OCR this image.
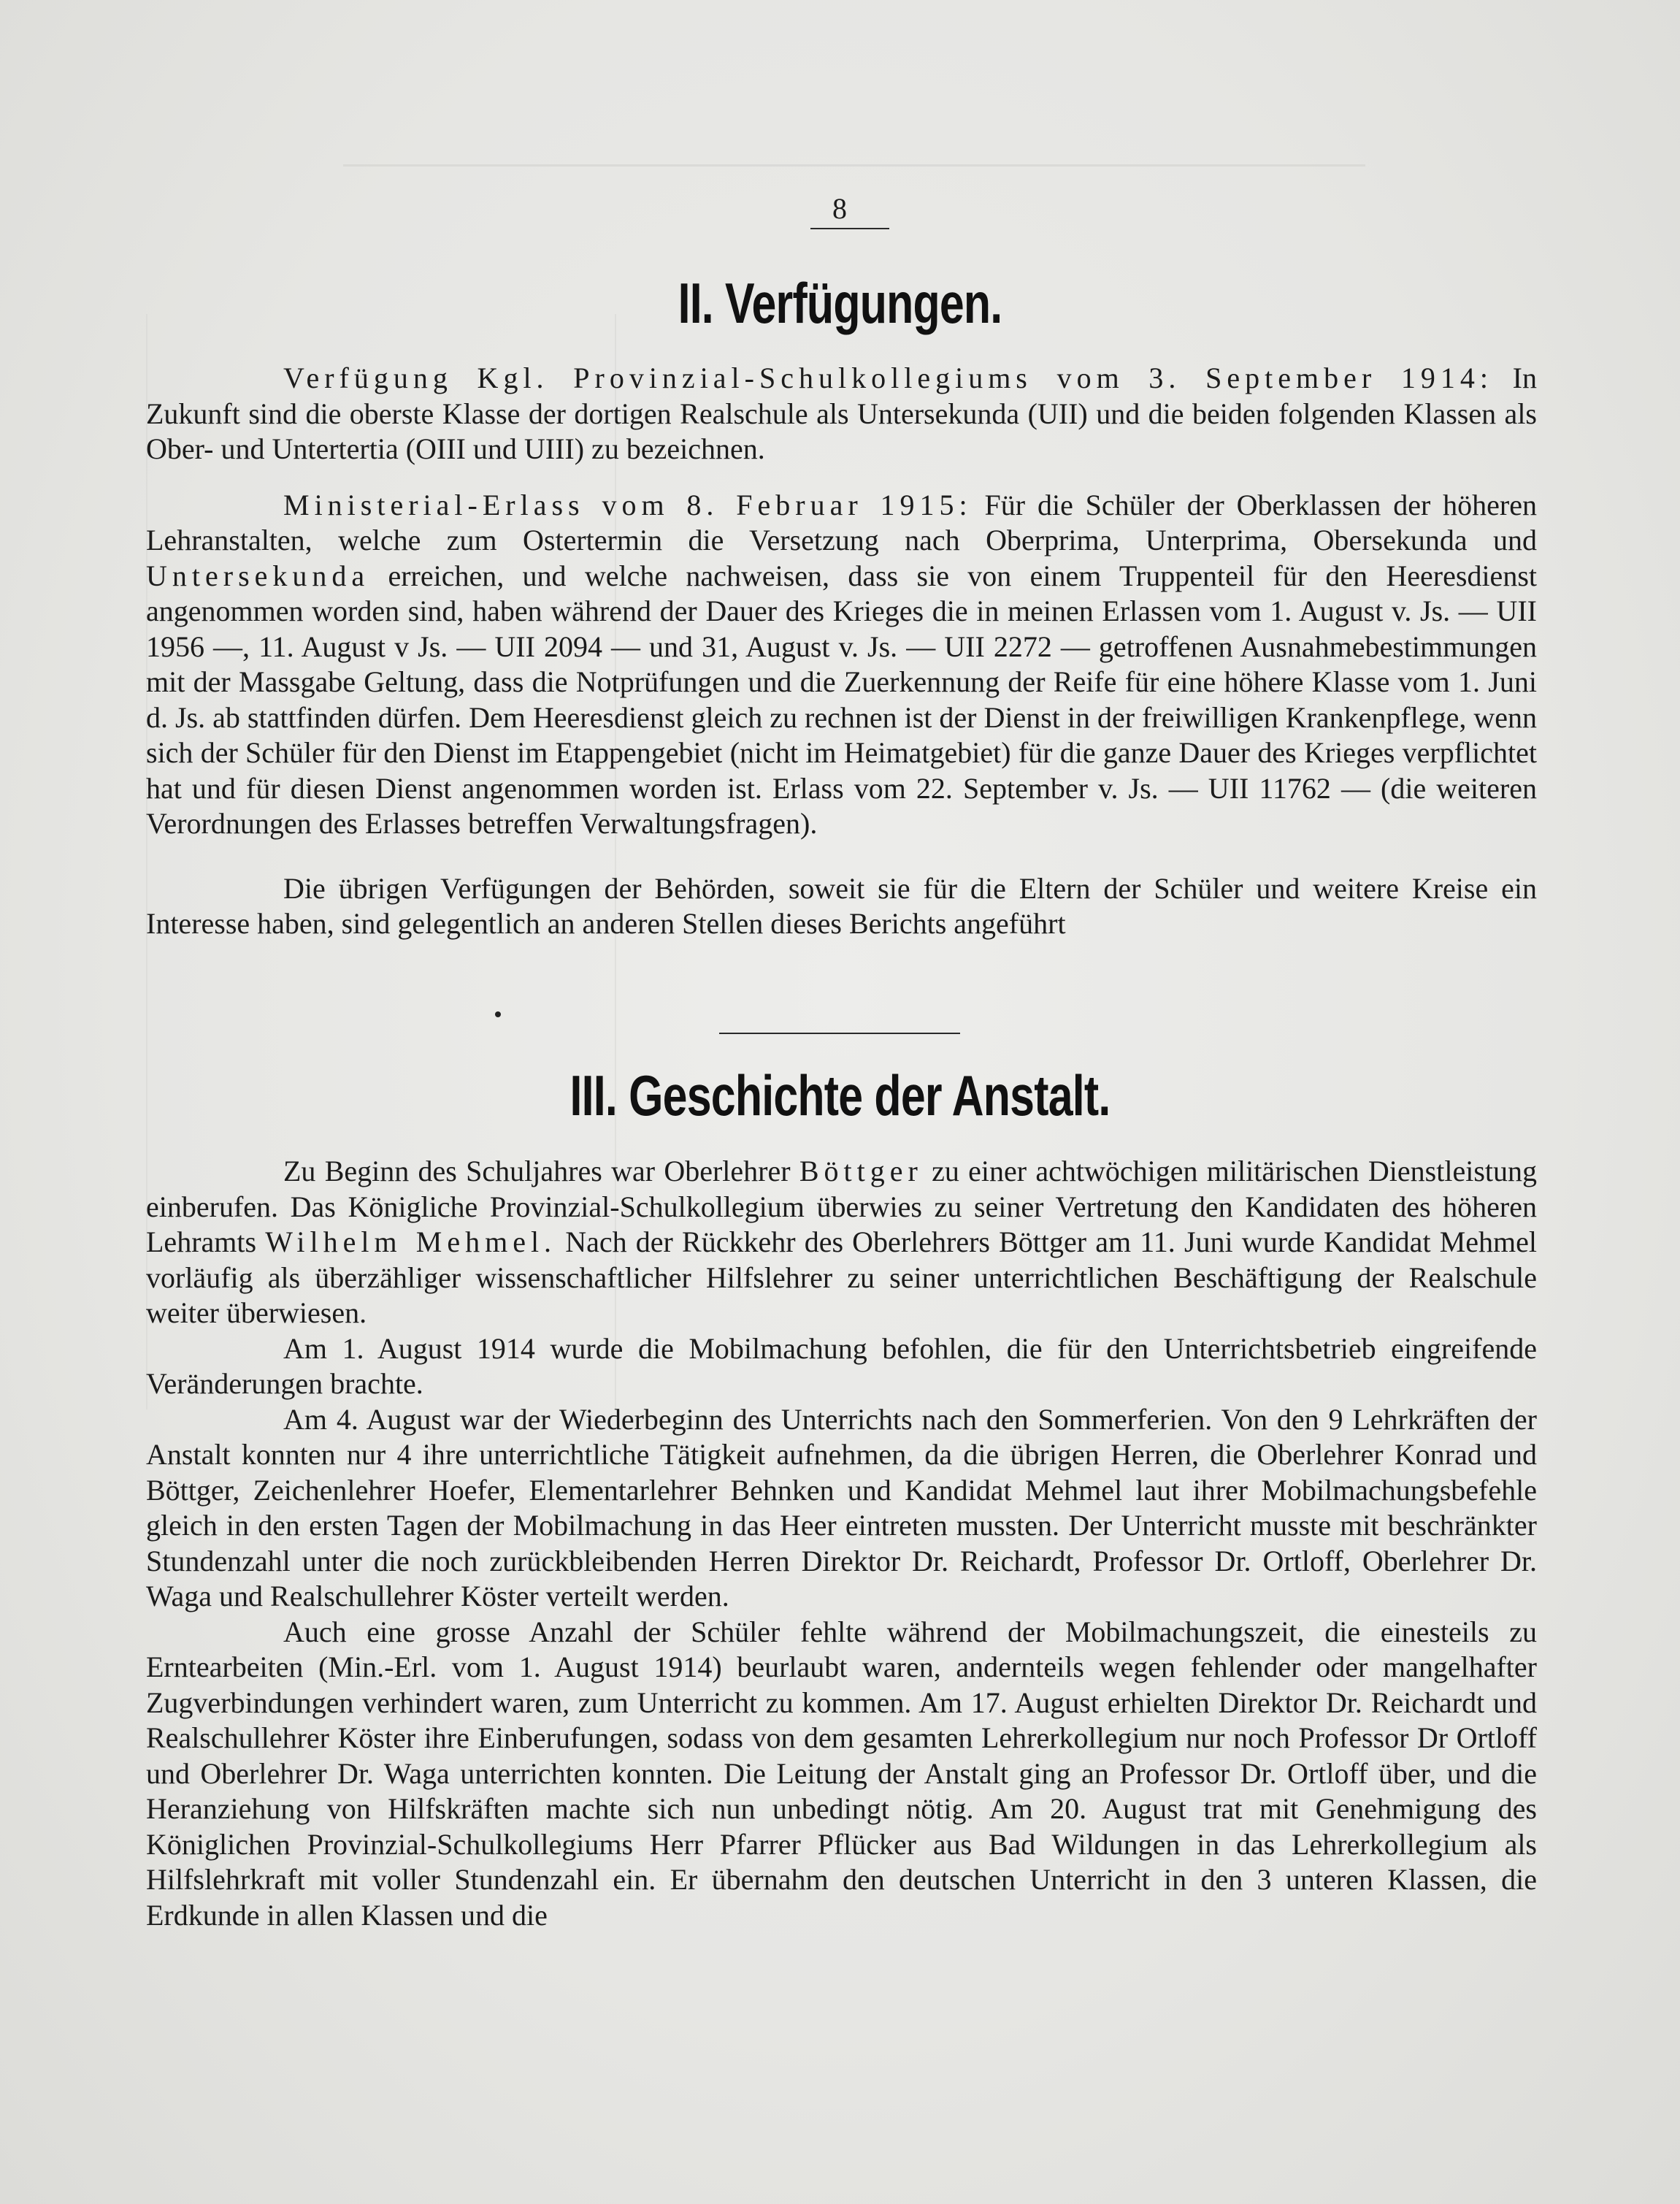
8
II. Verfügungen.

Verfügung Kgl. Provinzial-Schulkollegiums vom 3. September 1914: In Zukunft sind die oberste Klasse der dortigen Realschule als Untersekunda (UII) und die beiden folgenden Klassen als Ober- und Untertertia (OIII und UIII) zu bezeichnen.

Ministerial-Erlass vom 8. Februar 1915: Für die Schüler der Oberklassen der höheren Lehranstalten, welche zum Ostertermin die Versetzung nach Oberprima, Unterprima, Obersekunda und Untersekunda erreichen, und welche nachweisen, dass sie von einem Truppenteil für den Heeresdienst angenommen worden sind, haben während der Dauer des Krieges die in meinen Erlassen vom 1. August v. Js. — UII 1956 —, 11. August v Js. — UII 2094 — und 31, August v. Js. — UII 2272 — getroffenen Ausnahmebestimmungen mit der Massgabe Geltung, dass die Notprüfungen und die Zuerkennung der Reife für eine höhere Klasse vom 1. Juni d. Js. ab stattfinden dürfen. Dem Heeresdienst gleich zu rechnen ist der Dienst in der freiwilligen Krankenpflege, wenn sich der Schüler für den Dienst im Etappengebiet (nicht im Heimatgebiet) für die ganze Dauer des Krieges verpflichtet hat und für diesen Dienst angenommen worden ist. Erlass vom 22. September v. Js. — UII 11762 — (die weiteren Verordnungen des Erlasses betreffen Verwaltungsfragen).

Die übrigen Verfügungen der Behörden, soweit sie für die Eltern der Schüler und weitere Kreise ein Interesse haben, sind gelegentlich an anderen Stellen dieses Berichts angeführt

III. Geschichte der Anstalt.

Zu Beginn des Schuljahres war Oberlehrer Böttger zu einer achtwöchigen militärischen Dienstleistung einberufen. Das Königliche Provinzial-Schulkollegium überwies zu seiner Vertretung den Kandidaten des höheren Lehramts Wilhelm Mehmel. Nach der Rückkehr des Oberlehrers Böttger am 11. Juni wurde Kandidat Mehmel vorläufig als überzähliger wissenschaftlicher Hilfslehrer zu seiner unterrichtlichen Beschäftigung der Realschule weiter überwiesen.

Am 1. August 1914 wurde die Mobilmachung befohlen, die für den Unterrichtsbetrieb eingreifende Veränderungen brachte.

Am 4. August war der Wiederbeginn des Unterrichts nach den Sommerferien. Von den 9 Lehrkräften der Anstalt konnten nur 4 ihre unterrichtliche Tätigkeit aufnehmen, da die übrigen Herren, die Oberlehrer Konrad und Böttger, Zeichenlehrer Hoefer, Elementarlehrer Behnken und Kandidat Mehmel laut ihrer Mobilmachungsbefehle gleich in den ersten Tagen der Mobilmachung in das Heer eintreten mussten. Der Unterricht musste mit beschränkter Stundenzahl unter die noch zurückbleibenden Herren Direktor Dr. Reichardt, Professor Dr. Ortloff, Oberlehrer Dr. Waga und Realschullehrer Köster verteilt werden.

Auch eine grosse Anzahl der Schüler fehlte während der Mobilmachungszeit, die einesteils zu Erntearbeiten (Min.-Erl. vom 1. August 1914) beurlaubt waren, andernteils wegen fehlender oder mangelhafter Zugverbindungen verhindert waren, zum Unterricht zu kommen. Am 17. August erhielten Direktor Dr. Reichardt und Realschullehrer Köster ihre Einberufungen, sodass von dem gesamten Lehrerkollegium nur noch Professor Dr Ortloff und Oberlehrer Dr. Waga unterrichten konnten. Die Leitung der Anstalt ging an Professor Dr. Ortloff über, und die Heranziehung von Hilfskräften machte sich nun unbedingt nötig. Am 20. August trat mit Genehmigung des Königlichen Provinzial-Schulkollegiums Herr Pfarrer Pflücker aus Bad Wildungen in das Lehrerkollegium als Hilfslehrkraft mit voller Stundenzahl ein. Er übernahm den deutschen Unterricht in den 3 unteren Klassen, die Erdkunde in allen Klassen und die
